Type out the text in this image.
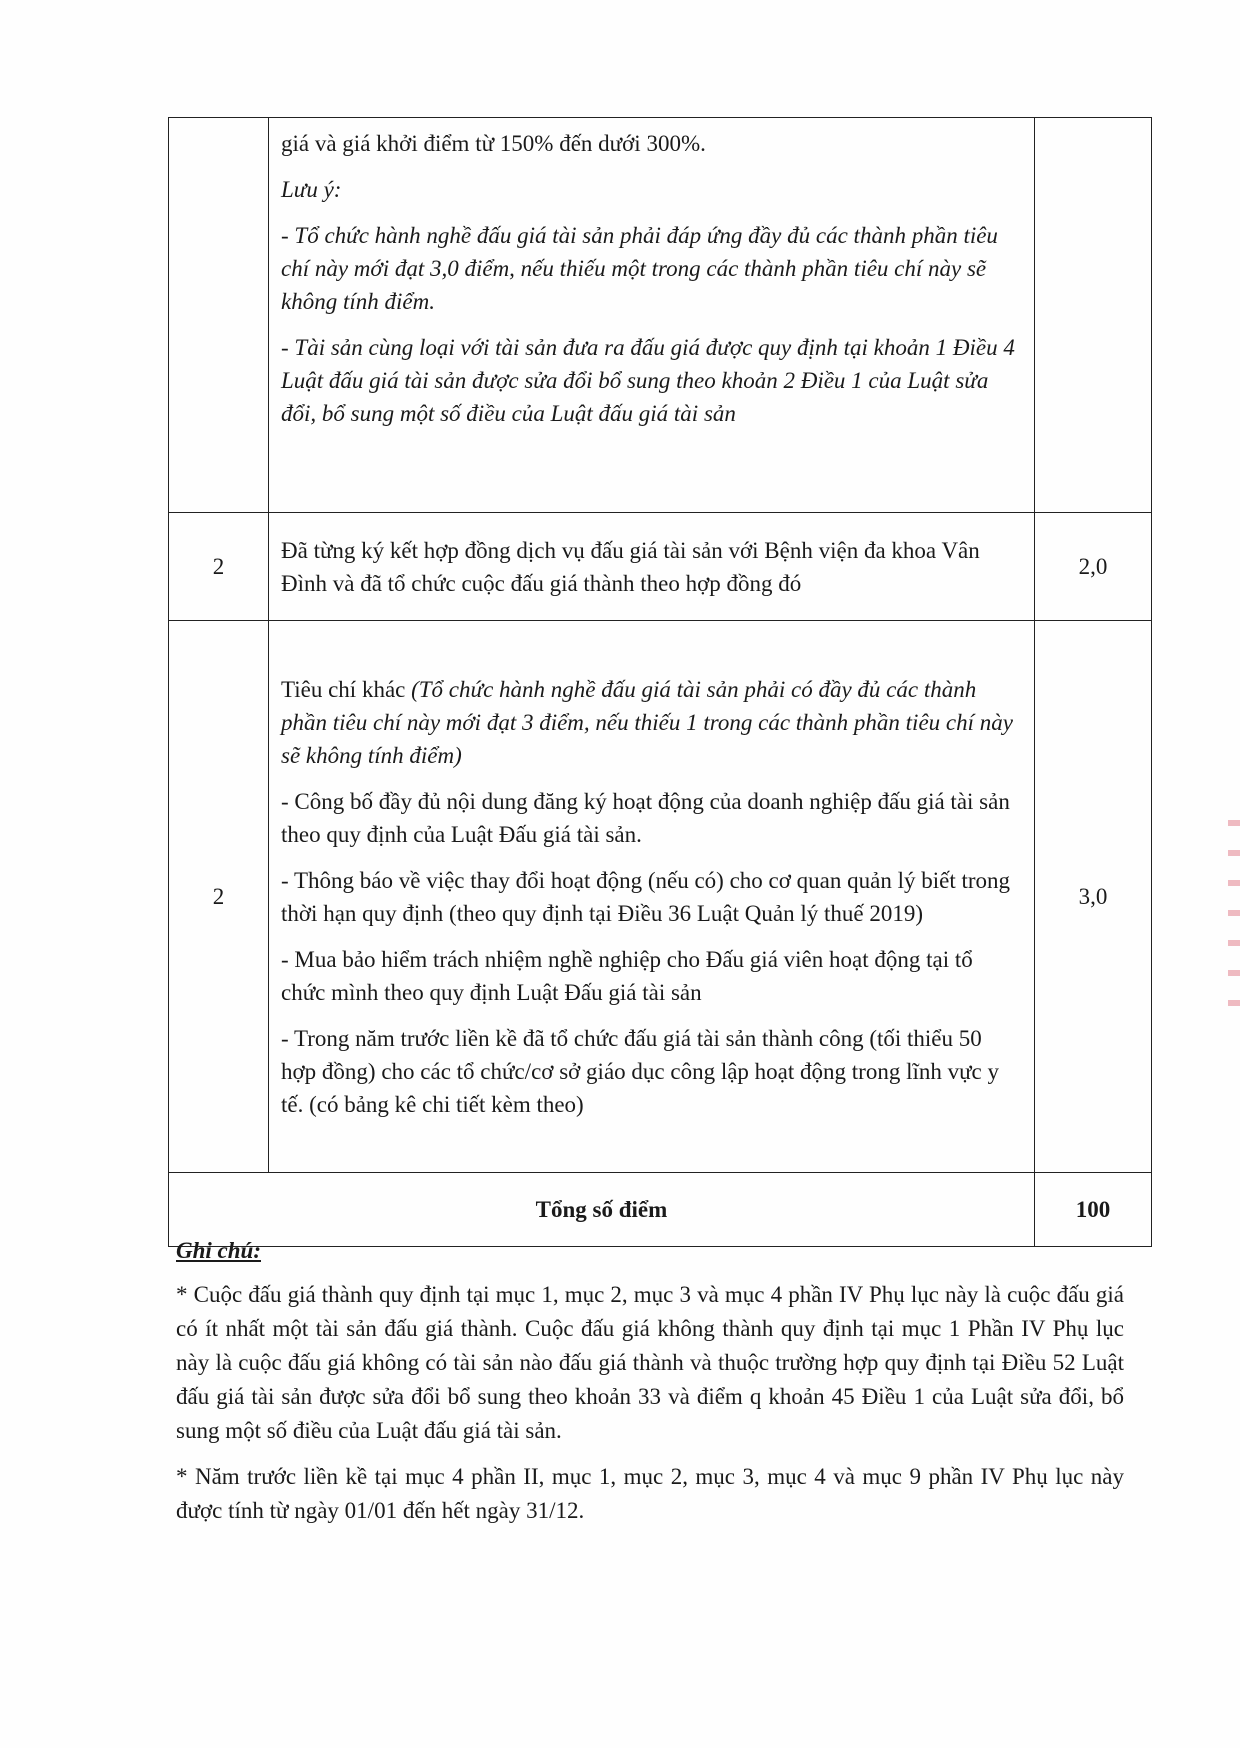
	giá và giá khởi điểm từ 150% đến dưới 300%.

Lưu ý:

- Tổ chức hành nghề đấu giá tài sản phải đáp ứng đầy đủ các thành phần tiêu chí này mới đạt 3,0 điểm, nếu thiếu một trong các thành phần tiêu chí này sẽ không tính điểm.

- Tài sản cùng loại với tài sản đưa ra đấu giá được quy định tại khoản 1 Điều 4 Luật đấu giá tài sản được sửa đổi bổ sung theo khoản 2 Điều 1 của Luật sửa đổi, bổ sung một số điều của Luật đấu giá tài sản	

2	Đã từng ký kết hợp đồng dịch vụ đấu giá tài sản với Bệnh viện đa khoa Vân Đình và đã tổ chức cuộc đấu giá thành theo hợp đồng đó	2,0
2	Tiêu chí khác (Tổ chức hành nghề đấu giá tài sản phải có đầy đủ các thành phần tiêu chí này mới đạt 3 điểm, nếu thiếu 1 trong các thành phần tiêu chí này sẽ không tính điểm)

- Công bố đầy đủ nội dung đăng ký hoạt động của doanh nghiệp đấu giá tài sản theo quy định của Luật Đấu giá tài sản.

- Thông báo về việc thay đổi hoạt động (nếu có) cho cơ quan quản lý biết trong thời hạn quy định (theo quy định tại Điều 36 Luật Quản lý thuế 2019)

- Mua bảo hiểm trách nhiệm nghề nghiệp cho Đấu giá viên hoạt động tại tổ chức mình theo quy định Luật Đấu giá tài sản

- Trong năm trước liền kề đã tổ chức đấu giá tài sản thành công (tối thiểu 50 hợp đồng) cho các tổ chức/cơ sở giáo dục công lập hoạt động trong lĩnh vực y tế. (có bảng kê chi tiết kèm theo)	3,0
Tổng số điểm		100
Ghi chú:

* Cuộc đấu giá thành quy định tại mục 1, mục 2, mục 3 và mục 4 phần IV Phụ lục này là cuộc đấu giá có ít nhất một tài sản đấu giá thành. Cuộc đấu giá không thành quy định tại mục 1 Phần IV Phụ lục này là cuộc đấu giá không có tài sản nào đấu giá thành và thuộc trường hợp quy định tại Điều 52 Luật đấu giá tài sản được sửa đổi bổ sung theo khoản 33 và điểm q khoản 45 Điều 1 của Luật sửa đổi, bổ sung một số điều của Luật đấu giá tài sản.

* Năm trước liền kề tại mục 4 phần II, mục 1, mục 2, mục 3, mục 4 và mục 9 phần IV Phụ lục này được tính từ ngày 01/01 đến hết ngày 31/12.
